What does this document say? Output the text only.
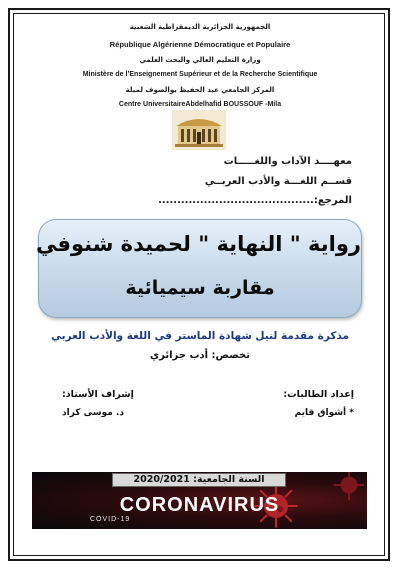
الجمهورية الجزائرية الديمقراطية الشعبية
République Algérienne Démocratique et Populaire
وزارة التعليم العالي والبحث العلمي
Ministère de l’Enseignement Supérieur et de la Recherche Scientifique
المركز الجامعي عبد الحفيظ بوالصوف لميلة
Centre UniversitaireAbdelhafid BOUSSOUF -Mila
معهــــد الآداب واللغـــــات
قســم اللغـــة والأدب العربــي
المرجع:.........................................
رواية " النهاية " لحميدة شنوفي
مقاربة سيميائية
مذكرة مقدمة لنيل شهادة الماستر في اللغة والأدب العربي
تخصص: أدب جزائري
إعداد الطالبات:
* أشواق قايم
إشراف الأستاذ:
د. موسى كراد
CORONAVIRUS
COVID-19
السنة الجامعية: 2020/2021
